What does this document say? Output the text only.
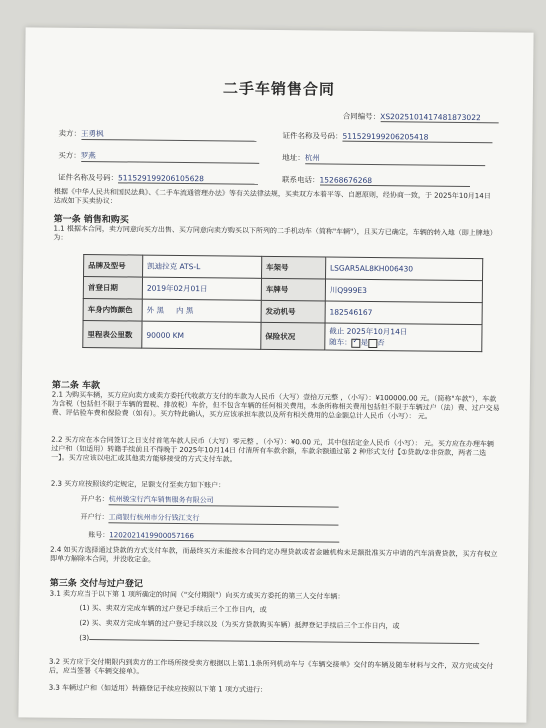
二手车销售合同
合同编号：XS2025101417481873022
卖方：王勇枫	证件名称及号码：511529199206205418
买方：罗燕	地址：杭州
证件名称及号码：511529199206105628	联系电话：15268676268
根据《中华人民共和国民法典》、《二手车流通管理办法》等有关法律法规，买卖双方本着平等、自愿原则，经协商一致，于 2025年10月14日 达成如下买卖协议：
第一条 销售和购买
1.1 根据本合同，卖方同意向买方出售、买方同意向卖方购买以下所列的二手机动车（简称"车辆"），且买方已确定，车辆的转入地（即上牌地）为：
品牌及型号	凯迪拉克 ATS-L	车架号	LSGAR5AL8KH006430
首登日期	2019年02月01日	车牌号	川Q999E3
车身内饰颜色	外 黑 内 黑	发动机号	182546167
里程表公里数	90000 KM	保险状况	截止 2025年10月14日
随车： ✓ 是 否
第二条 车款
2.1 为购买车辆，买方应向卖方或卖方委托代收款方支付的车款为人民币（大写）壹拾万元整 ，（小写）：¥100000.00 元。（简称"车款"），车款为含税（包括但不限于车辆的置税、排放税）车价，但不包含车辆的任何相关费用，本条所称相关费用包括但不限于车辆过户（法）费、过户交易费、评估验车费和保险费（如有）。买方特此确认，买方应该承担车款以及所有相关费用的总金额总计人民币（小写）： 元。
2.2 买方应在本合同签订之日支付首笔车款人民币（大写）零元整 ，（小写）：¥0.00 元，其中包括定金人民币（小写）： 元。买方应在办理车辆过户和（如适用）转籍手续前且不得晚于 2025年10月14日 付清所有车款余额，车款余额通过第 2 种形式支付【①贷款/②非贷款，两者二选一】。买方应该以电汇或其他卖方能够接受的方式支付车款。
2.3 买方应按照该约定规定，足额支付至卖方如下账户：
开户名：杭州骏宝行汽车销售服务有限公司
开户行：工商银行杭州市分行钱江支行
账号：1202021419900057166
2.4 如买方选择通过贷款的方式支付车款，而最终买方未能按本合同约定办理贷款或者金融机构未足额批准买方申请的汽车消费贷款，买方有权立即单方解除本合同，并没收定金。
第三条 交付与过户登记
3.1 卖方应当于以下第 1 项所确定的时间（"交付期限"）向买方或买方委托的第三人交付车辆：
(1) 买、卖双方完成车辆的过户登记手续后三个工作日内，或
(2) 买、卖双方完成车辆的过户登记手续以及（为买方贷款购买车辆）抵押登记手续后三个工作日内，或
(3)
3.2 买方应于交付期限内到卖方的工作场所接受卖方根据以上第1.1条所列机动车与《车辆交接单》交付的车辆及随车材料与文件，双方完成交付后，应当签署《车辆交接单》。
3.3 车辆过户和（如适用）转籍登记手续应按照以下第 1 项方式进行：
